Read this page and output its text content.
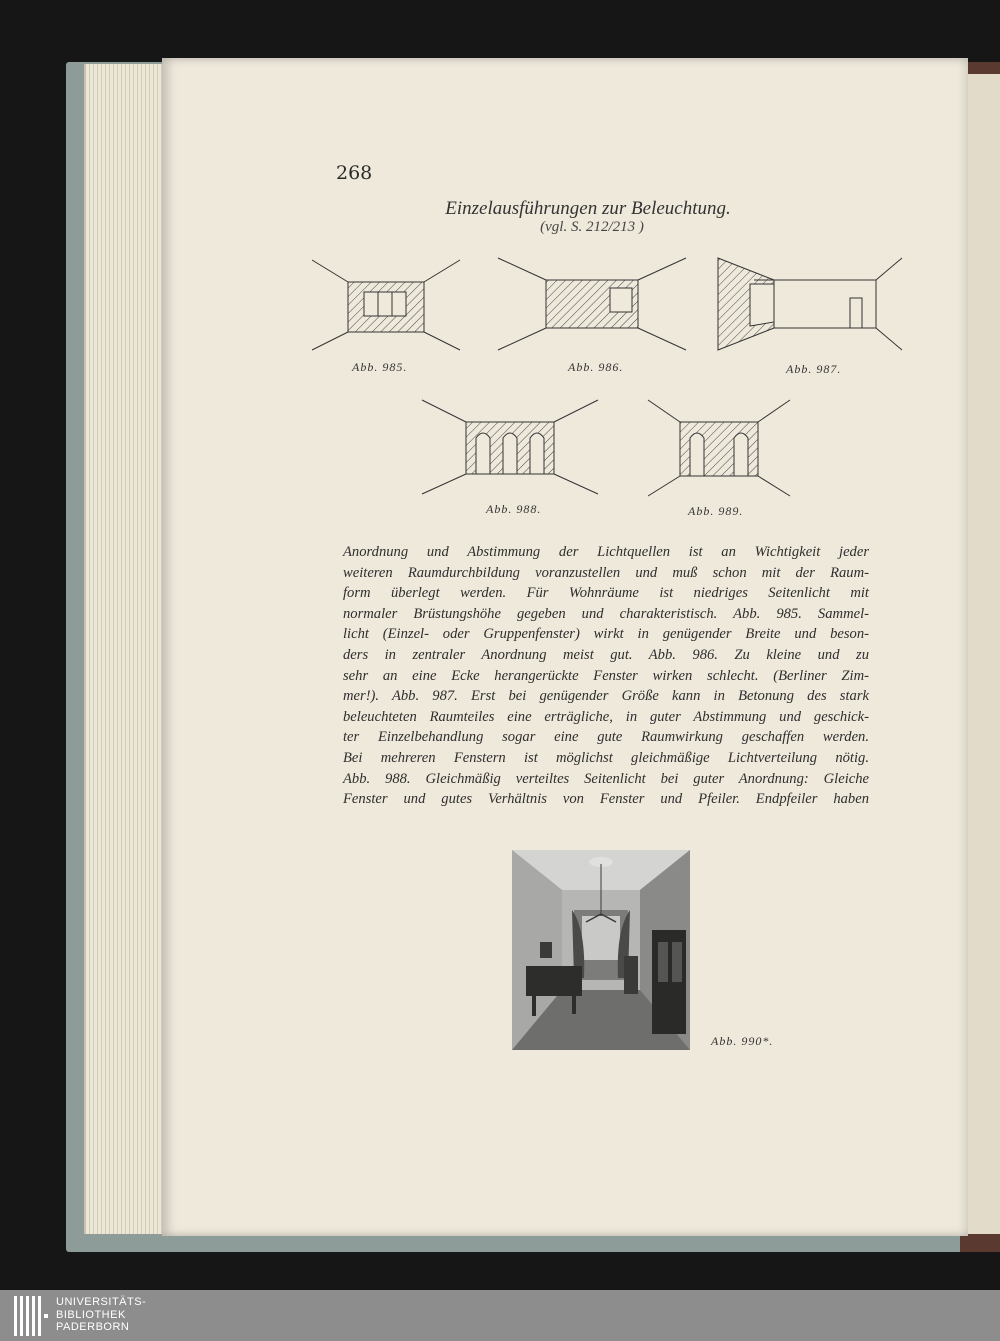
268
Einzelausführungen zur Beleuchtung.
(vgl. S. 212/213 )
Abb. 985.	Abb. 986.	Abb. 987.
Abb. 988.	Abb. 989.
Anordnung und Abstimmung der Lichtquellen ist an Wichtigkeit jeder
weiteren Raumdurchbildung voranzustellen und muß schon mit der Raum-
form überlegt werden. Für Wohnräume ist niedriges Seitenlicht mit
normaler Brüstungshöhe gegeben und charakteristisch. Abb. 985. Sammel-
licht (Einzel- oder Gruppenfenster) wirkt in genügender Breite und beson-
ders in zentraler Anordnung meist gut. Abb. 986. Zu kleine und zu
sehr an eine Ecke herangerückte Fenster wirken schlecht. (Berliner Zim-
mer!). Abb. 987. Erst bei genügender Größe kann in Betonung des stark
beleuchteten Raumteiles eine erträgliche, in guter Abstimmung und geschick-
ter Einzelbehandlung sogar eine gute Raumwirkung geschaffen werden.
Bei mehreren Fenstern ist möglichst gleichmäßige Lichtverteilung nötig.
Abb. 988. Gleichmäßig verteiltes Seitenlicht bei guter Anordnung: Gleiche
Fenster und gutes Verhältnis von Fenster und Pfeiler. Endpfeiler haben
Abb. 990*.
UNIVERSITÄTS-
BIBLIOTHEK
PADERBORN
